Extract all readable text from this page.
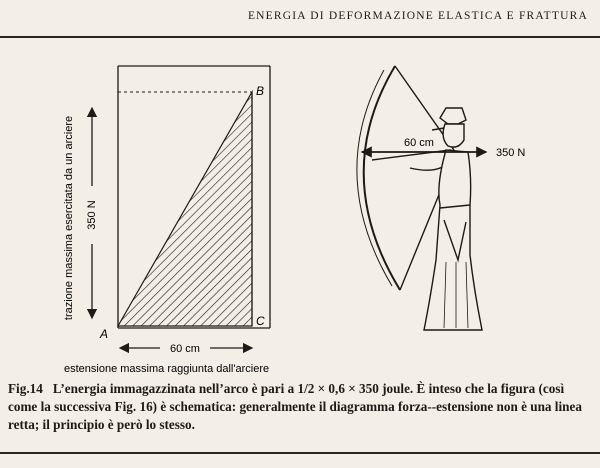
ENERGIA DI DEFORMAZIONE ELASTICA E FRATTURA
350 N
trazione massima esercitata da un arciere
A
B
C
60 cm
estensione massima raggiunta dall'arciere
60 cm
350 N
Fig.14 L’energia immagazzinata nell’arco è pari a 1/2 × 0,6 × 350 joule. È inteso che la figura (così come la successiva Fig. 16) è schematica: generalmente il diagramma forza--estensione non è una linea retta; il principio è però lo stesso.
